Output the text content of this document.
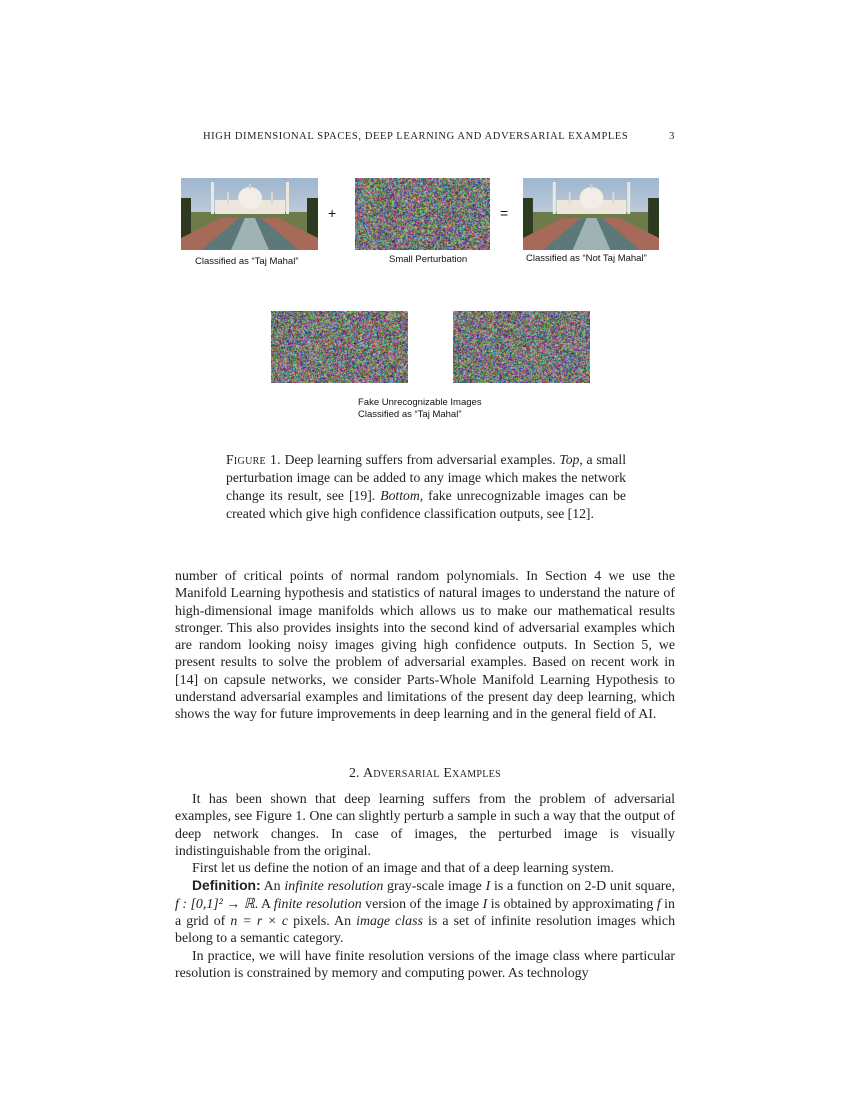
HIGH DIMENSIONAL SPACES, DEEP LEARNING AND ADVERSARIAL EXAMPLES	3
+	=
Classified as “Taj Mahal”	Small Perturbation	Classified as “Not Taj Mahal”
Fake Unrecognizable Images
Classified as “Taj Mahal”
Figure 1. Deep learning suffers from adversarial examples. Top, a small perturbation image can be added to any image which makes the network change its result, see [19]. Bottom, fake unrecognizable images can be created which give high confidence classification outputs, see [12].

number of critical points of normal random polynomials. In Section 4 we use the Manifold Learning hypothesis and statistics of natural images to understand the nature of high-dimensional image manifolds which allows us to make our mathematical results stronger. This also provides insights into the second kind of adversarial examples which are random looking noisy images giving high confidence outputs. In Section 5, we present results to solve the problem of adversarial examples. Based on recent work in [14] on capsule networks, we consider Parts-Whole Manifold Learning Hypothesis to understand adversarial examples and limitations of the present day deep learning, which shows the way for future improvements in deep learning and in the general field of AI.

2. Adversarial Examples

It has been shown that deep learning suffers from the problem of adversarial examples, see Figure 1. One can slightly perturb a sample in such a way that the output of deep network changes. In case of images, the perturbed image is visually indistinguishable from the original.

First let us define the notion of an image and that of a deep learning system.

Definition: An infinite resolution gray-scale image I is a function on 2-D unit square, f : [0,1]² → ℝ. A finite resolution version of the image I is obtained by approximating f in a grid of n = r × c pixels. An image class is a set of infinite resolution images which belong to a semantic category.

In practice, we will have finite resolution versions of the image class where particular resolution is constrained by memory and computing power. As technology
